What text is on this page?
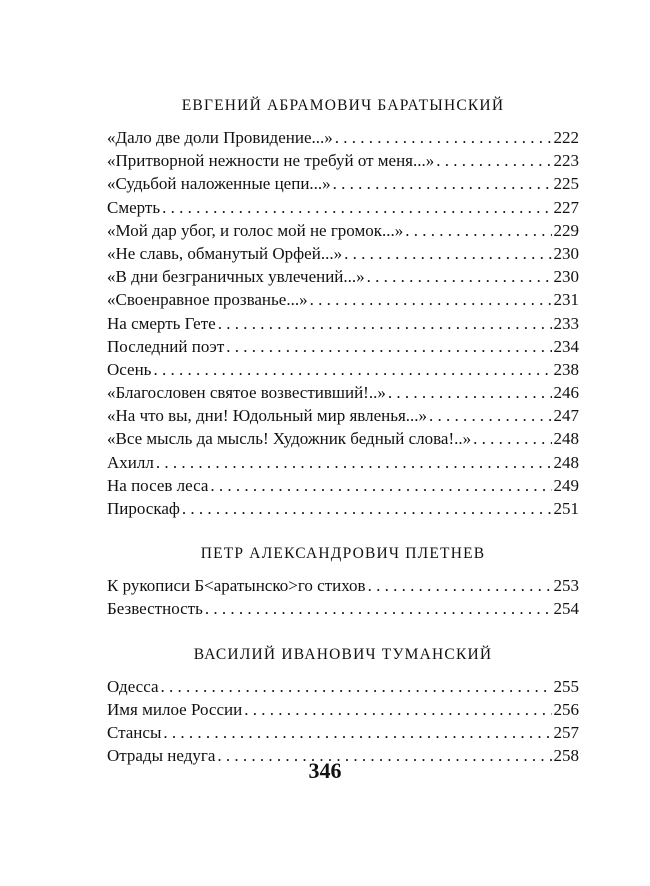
ЕВГЕНИЙ АБРАМОВИЧ БАРАТЫНСКИЙ
«Дало две доли Провидение...» . . .	222
«Притворной нежности не требуй от меня...» . . .	223
«Судьбой наложенные цепи...» . . .	225
Смерть . . .	227
«Мой дар убог, и голос мой не громок...» . . .	229
«Не славь, обманутый Орфей...» . . .	230
«В дни безграничных увлечений...» . . .	230
«Своенравное прозванье...» . . .	231
На смерть Гете . . .	233
Последний поэт . . .	234
Осень . . .	238
«Благословен святое возвестивший!..» . . .	246
«На что вы, дни! Юдольный мир явленья...» . . .	247
«Все мысль да мысль! Художник бедный слова!..» . . .	248
Ахилл . . .	248
На посев леса . . .	249
Пироскаф . . .	251
ПЕТР АЛЕКСАНДРОВИЧ ПЛЕТНЕВ
К рукописи Б<аратынско>го стихов . . .	253
Безвестность . . .	254
ВАСИЛИЙ ИВАНОВИЧ ТУМАНСКИЙ
Одесса . . .	255
Имя милое России . . .	256
Стансы . . .	257
Отрады недуга . . .	258
346
